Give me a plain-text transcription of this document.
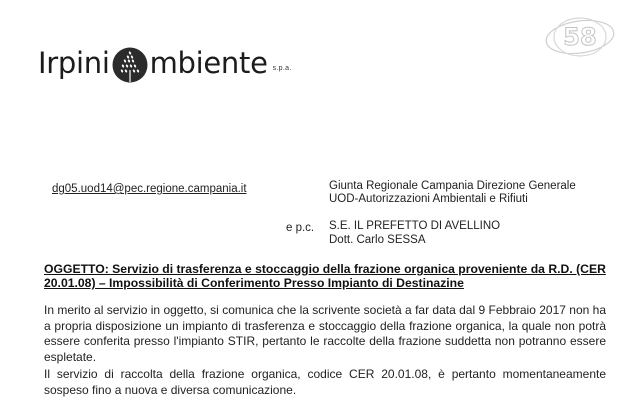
Irpini mbiente s.p.a.
58
dg05.uod14@pec.regione.campania.it	Giunta Regionale Campania Direzione Generale
UOD-Autorizzazioni Ambientali e Rifiuti
e p.c. S.E. IL PREFETTO DI AVELLINO
Dott. Carlo SESSA
OGGETTO: Servizio di trasferenza e stoccaggio della frazione organica proveniente da R.D. (CER 20.01.08) – Impossibilità di Conferimento Presso Impianto di Destinazine
In merito al servizio in oggetto, si comunica che la scrivente società a far data dal 9 Febbraio 2017 non ha a propria disposizione un impianto di trasferenza e stoccaggio della frazione organica, la quale non potrà essere conferita presso l'impianto STIR, pertanto le raccolte della frazione suddetta non potranno essere espletate.
Il servizio di raccolta della frazione organica, codice CER 20.01.08, è pertanto momentaneamente sospeso fino a nuova e diversa comunicazione.
